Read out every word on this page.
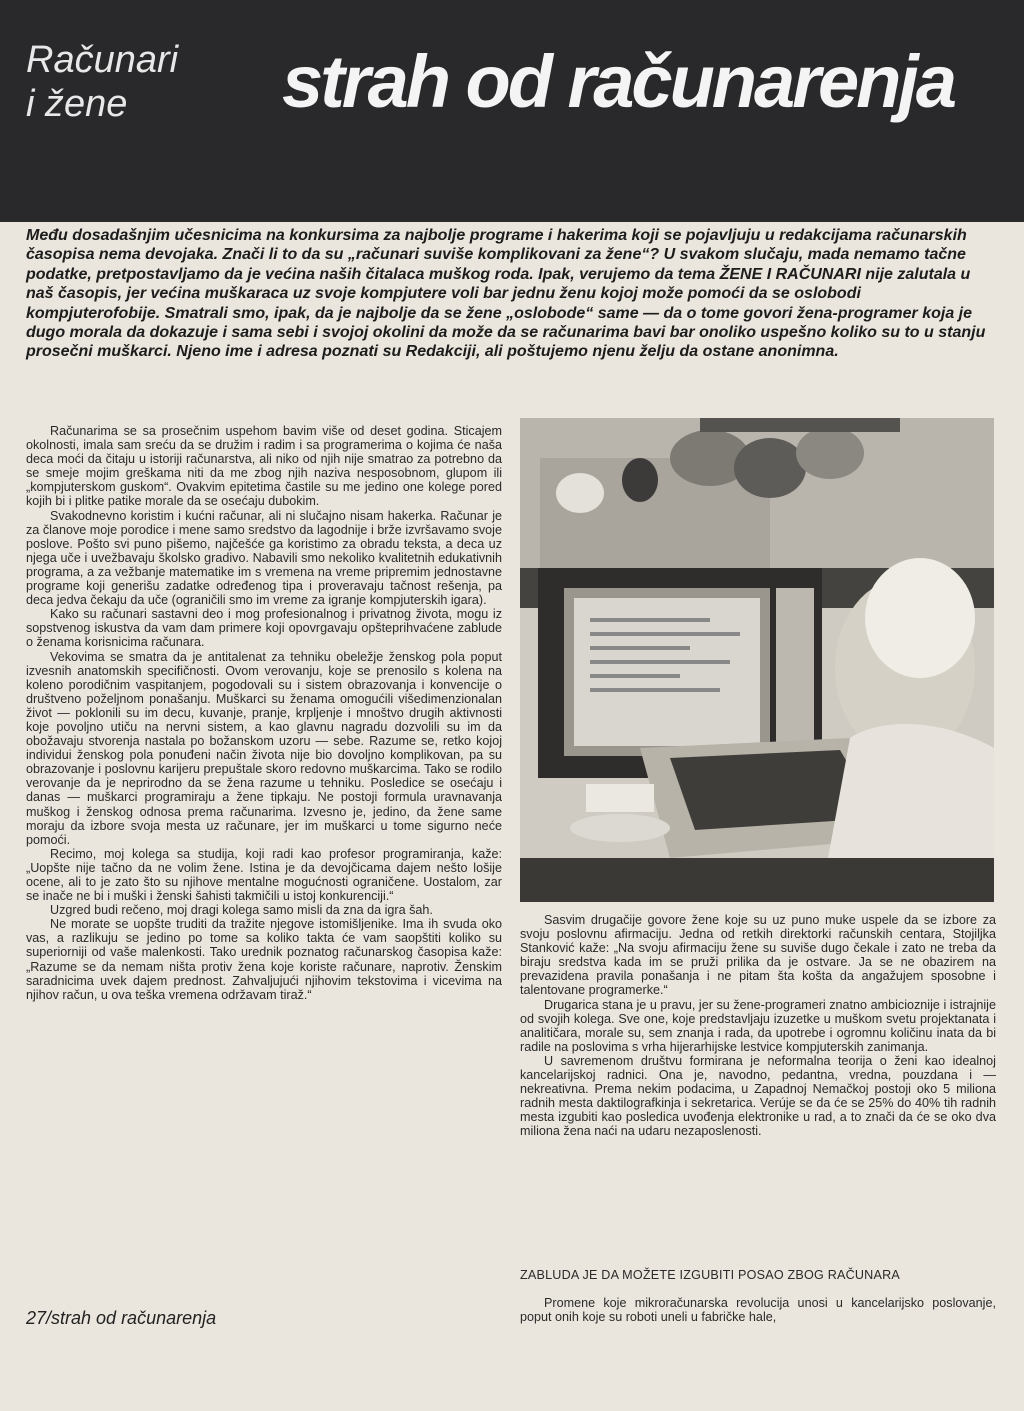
Računari
i žene	strah od računarenja

Među dosadašnjim učesnicima na konkursima za najbolje programe i hakerima koji se pojavljuju u redakcijama računarskih časopisa nema devojaka. Znači li to da su „računari suviše komplikovani za žene“? U svakom slučaju, mada nemamo tačne podatke, pretpostavljamo da je većina naših čitalaca muškog roda. Ipak, verujemo da tema ŽENE I RAČUNARI nije zalutala u naš časopis, jer većina muškaraca uz svoje kompjutere voli bar jednu ženu kojoj može pomoći da se oslobodi kompjuterofobije. Smatrali smo, ipak, da je najbolje da se žene „oslobode“ same — da o tome govori žena-programer koja je dugo morala da dokazuje i sama sebi i svojoj okolini da može da se računarima bavi bar onoliko uspešno koliko su to u stanju prosečni muškarci. Njeno ime i adresa poznati su Redakciji, ali poštujemo njenu želju da ostane anonimna.

Računarima se sa prosečnim uspehom bavim više od deset godina. Sticajem okolnosti, imala sam sreću da se družim i radim i sa programerima o kojima će naša deca moći da čitaju u istoriji računarstva, ali niko od njih nije smatrao za potrebno da se smeje mojim greškama niti da me zbog njih naziva nesposobnom, glupom ili „kompjuterskom guskom“. Ovakvim epitetima častile su me jedino one kolege pored kojih bi i plitke patike morale da se osećaju dubokim.

Svakodnevno koristim i kućni računar, ali ni slučajno nisam hakerka. Računar je za članove moje porodice i mene samo sredstvo da lagodnije i brže izvršavamo svoje poslove. Pošto svi puno pišemo, najčešće ga koristimo za obradu teksta, a deca uz njega uče i uvežbavaju školsko gradivo. Nabavili smo nekoliko kvalitetnih edukativnih programa, a za vežbanje matematike im s vremena na vreme pripremim jednostavne programe koji generišu zadatke određenog tipa i proveravaju tačnost rešenja, pa deca jedva čekaju da uče (ograničili smo im vreme za igranje kompjuterskih igara).

Kako su računari sastavni deo i mog profesionalnog i privatnog života, mogu iz sopstvenog iskustva da vam dam primere koji opovrgavaju opšteprihvaćene zablude o ženama korisnicima računara.

Vekovima se smatra da je antitalenat za tehniku obeležje ženskog pola poput izvesnih anatomskih specifičnosti. Ovom verovanju, koje se prenosilo s kolena na koleno porodičnim vaspitanjem, pogodovali su i sistem obrazovanja i konvencije o društveno poželjnom ponašanju. Muškarci su ženama omogućili višedimenzionalan život — poklonili su im decu, kuvanje, pranje, krpljenje i mnoštvo drugih aktivnosti koje povoljno utiču na nervni sistem, a kao glavnu nagradu dozvolili su im da obožavaju stvorenja nastala po božanskom uzoru — sebe. Razume se, retko kojoj individui ženskog pola ponuđeni način života nije bio dovoljno komplikovan, pa su obrazovanje i poslovnu karijeru prepuštale skoro redovno muškarcima. Tako se rodilo verovanje da je neprirodno da se žena razume u tehniku. Posledice se osećaju i danas — muškarci programiraju a žene tipkaju. Ne postoji formula uravnavanja muškog i ženskog odnosa prema računarima. Izvesno je, jedino, da žene same moraju da izbore svoja mesta uz računare, jer im muškarci u tome sigurno neće pomoći.

Recimo, moj kolega sa studija, koji radi kao profesor programiranja, kaže: „Uopšte nije tačno da ne volim žene. Istina je da devojčicama dajem nešto lošije ocene, ali to je zato što su njihove mentalne mogućnosti ograničene. Uostalom, zar se inače ne bi i muški i ženski šahisti takmičili u istoj konkurenciji.“

Uzgred budi rečeno, moj dragi kolega samo misli da zna da igra šah.

Ne morate se uopšte truditi da tražite njegove istomišljenike. Ima ih svuda oko vas, a razlikuju se jedino po tome sa koliko takta će vam saopštiti koliko su superiorniji od vaše malenkosti. Tako urednik poznatog računarskog časopisa kaže: „Razume se da nemam ništa protiv žena koje koriste računare, naprotiv. Ženskim saradnicima uvek dajem prednost. Zahvaljujući njihovim tekstovima i vicevima na njihov račun, u ova teška vremena održavam tiraž.“

Sasvim drugačije govore žene koje su uz puno muke uspele da se izbore za svoju poslovnu afirmaciju. Jedna od retkih direktorki računskih centara, Stojiljka Stanković kaže: „Na svoju afirmaciju žene su suviše dugo čekale i zato ne treba da biraju sredstva kada im se pruži prilika da je ostvare. Ja se ne obazirem na prevazidena pravila ponašanja i ne pitam šta košta da angažujem sposobne i talentovane programerke.“

Drugarica stana je u pravu, jer su žene-programeri znatno ambiciozniјe i istrajnije od svojih kolega. Sve one, koje predstavljaju izuzetke u muškom svetu projektanata i analitičara, morale su, sem znanja i rada, da upotrebe i ogromnu količinu inata da bi radile na poslovima s vrha hijerarhijske lestvice kompjuterskih zanimanja.

U savremenom društvu formirana je neformalna teorija o ženi kao idealnoj kancelarijskoj radnici. Ona je, navodno, pedantna, vredna, pouzdana i — nekreativna. Prema nekim podacima, u Zapadnoj Nemačkoj postoji oko 5 miliona radnih mesta daktilografkinja i sekretarica. Verúje se da će se 25% do 40% tih radnih mesta izgubiti kao posledica uvođenja elektronike u rad, a to znači da će se oko dva miliona žena naći na udaru nezaposlenosti.

ZABLUDA JE DA MOŽETE IZGUBITI POSAO ZBOG RAČUNARA

Promene koje mikroračunarska revolucija unosi u kancelarijsko poslovanje, poput onih koje su roboti uneli u fabričke hale,

27/strah od računarenja
